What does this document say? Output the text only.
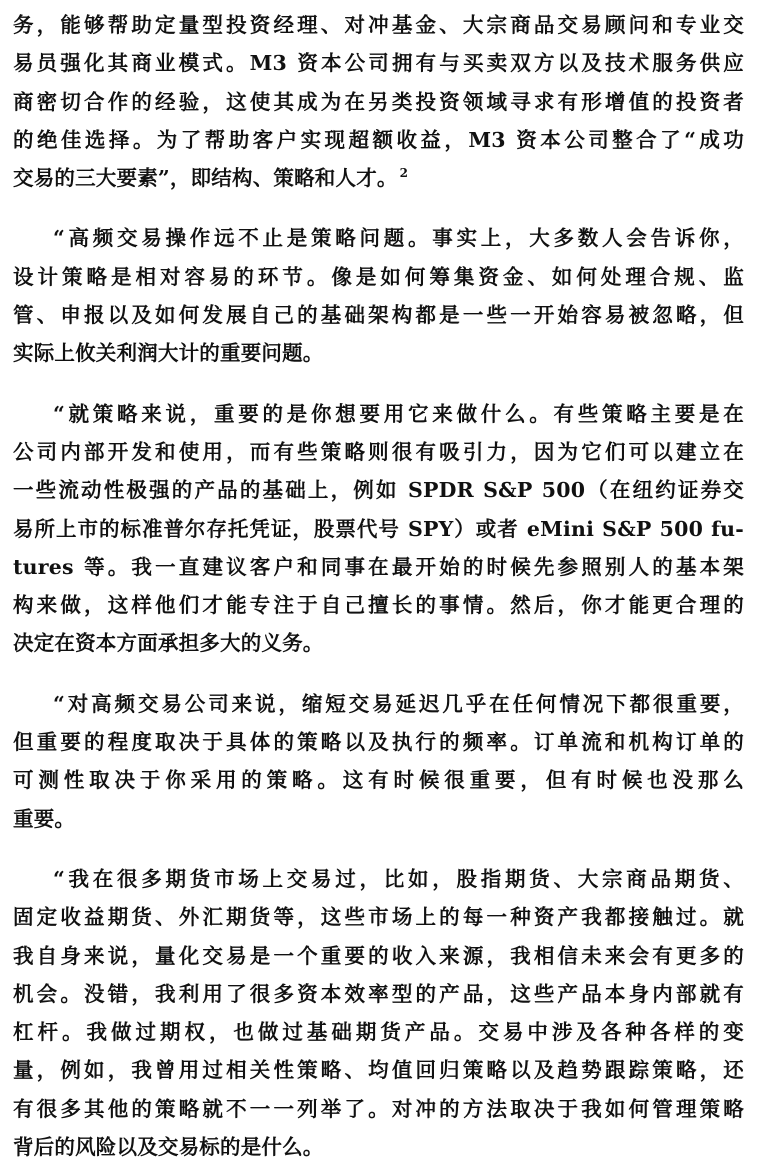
务，能够帮助定量型投资经理、对冲基金、大宗商品交易顾问和专业交
易员强化其商业模式。M3 资本公司拥有与买卖双方以及技术服务供应
商密切合作的经验，这使其成为在另类投资领域寻求有形增值的投资者
的绝佳选择。为了帮助客户实现超额收益，M3 资本公司整合了“成功
交易的三大要素”，即结构、策略和人才。 $^2$
“高频交易操作远不止是策略问题。事实上，大多数人会告诉你，
设计策略是相对容易的环节。像是如何筹集资金、如何处理合规、监
管、申报以及如何发展自己的基础架构都是一些一开始容易被忽略，但
实际上攸关利润大计的重要问题。
“就策略来说，重要的是你想要用它来做什么。有些策略主要是在
公司内部开发和使用，而有些策略则很有吸引力，因为它们可以建立在
一些流动性极强的产品的基础上，例如 SPDR S&P 500（在纽约证券交
易所上市的标准普尔存托凭证，股票代号 SPY）或者 eMini S&P 500 fu-
tures 等。我一直建议客户和同事在最开始的时候先参照别人的基本架
构来做，这样他们才能专注于自己擅长的事情。然后，你才能更合理的
决定在资本方面承担多大的义务。
“对高频交易公司来说，缩短交易延迟几乎在任何情况下都很重要，
但重要的程度取决于具体的策略以及执行的频率。订单流和机构订单的
可测性取决于你采用的策略。这有时候很重要，但有时候也没那么
重要。
“我在很多期货市场上交易过，比如，股指期货、大宗商品期货、
固定收益期货、外汇期货等，这些市场上的每一种资产我都接触过。就
我自身来说，量化交易是一个重要的收入来源，我相信未来会有更多的
机会。没错，我利用了很多资本效率型的产品，这些产品本身内部就有
杠杆。我做过期权，也做过基础期货产品。交易中涉及各种各样的变
量，例如，我曾用过相关性策略、均值回归策略以及趋势跟踪策略，还
有很多其他的策略就不一一列举了。对冲的方法取决于我如何管理策略
背后的风险以及交易标的是什么。
